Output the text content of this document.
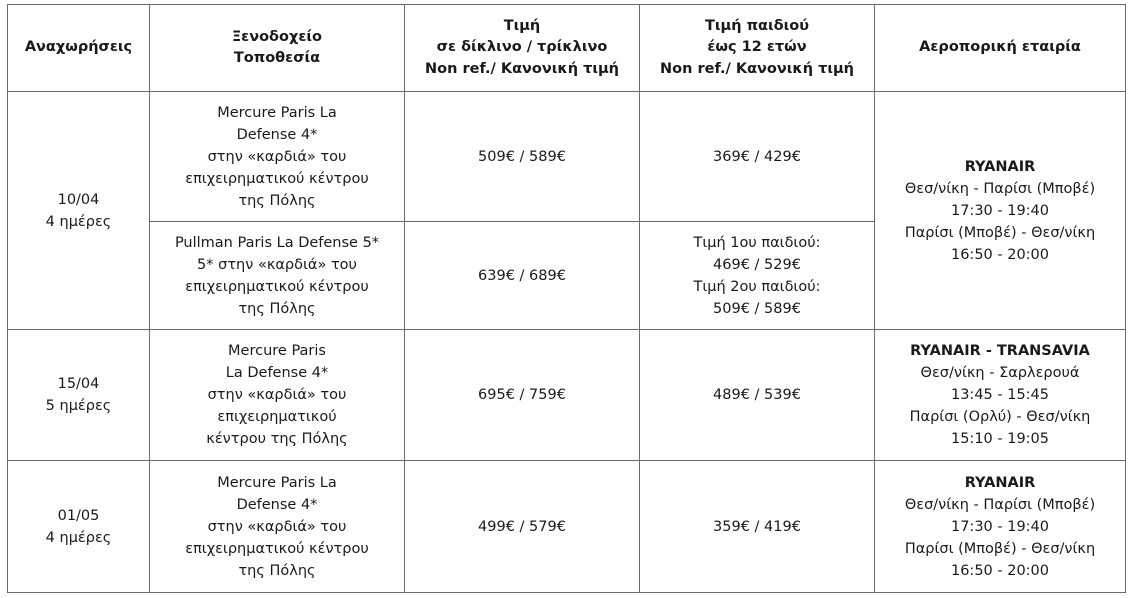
Αναχωρήσεις	Ξενοδοχείο
Τοποθεσία	Τιμή
σε δίκλινο / τρίκλινο
Non ref./ Κανονική τιμή	Τιμή παιδιού
έως 12 ετών
Non ref./ Κανονική τιμή	Αεροπορική εταιρία

10/04
4 ημέρες	Mercure Paris La
Defense 4*
στην «καρδιά» του
επιχειρηματικού κέντρου
της Πόλης	509€ / 589€	369€ / 429€	RYANAIR
Θεσ/νίκη - Παρίσι (Μποβέ)
17:30 - 19:40
Παρίσι (Μποβέ) - Θεσ/νίκη
16:50 - 20:00

	Pullman Paris La Defense 5*
5* στην «καρδιά» του
επιχειρηματικού κέντρου
της Πόλης	639€ / 689€	Τιμή 1ου παιδιού:
469€ / 529€
Τιμή 2ου παιδιού:
509€ / 589€	

15/04
5 ημέρες	Mercure Paris
La Defense 4*
στην «καρδιά» του
επιχειρηματικού
κέντρου της Πόλης	695€ / 759€	489€ / 539€	RYANAIR - TRANSAVIA
Θεσ/νίκη - Σαρλερουά
13:45 - 15:45
Παρίσι (Ορλύ) - Θεσ/νίκη
15:10 - 19:05

01/05
4 ημέρες	Mercure Paris La
Defense 4*
στην «καρδιά» του
επιχειρηματικού κέντρου
της Πόλης	499€ / 579€	359€ / 419€	RYANAIR
Θεσ/νίκη - Παρίσι (Μποβέ)
17:30 - 19:40
Παρίσι (Μποβέ) - Θεσ/νίκη
16:50 - 20:00
